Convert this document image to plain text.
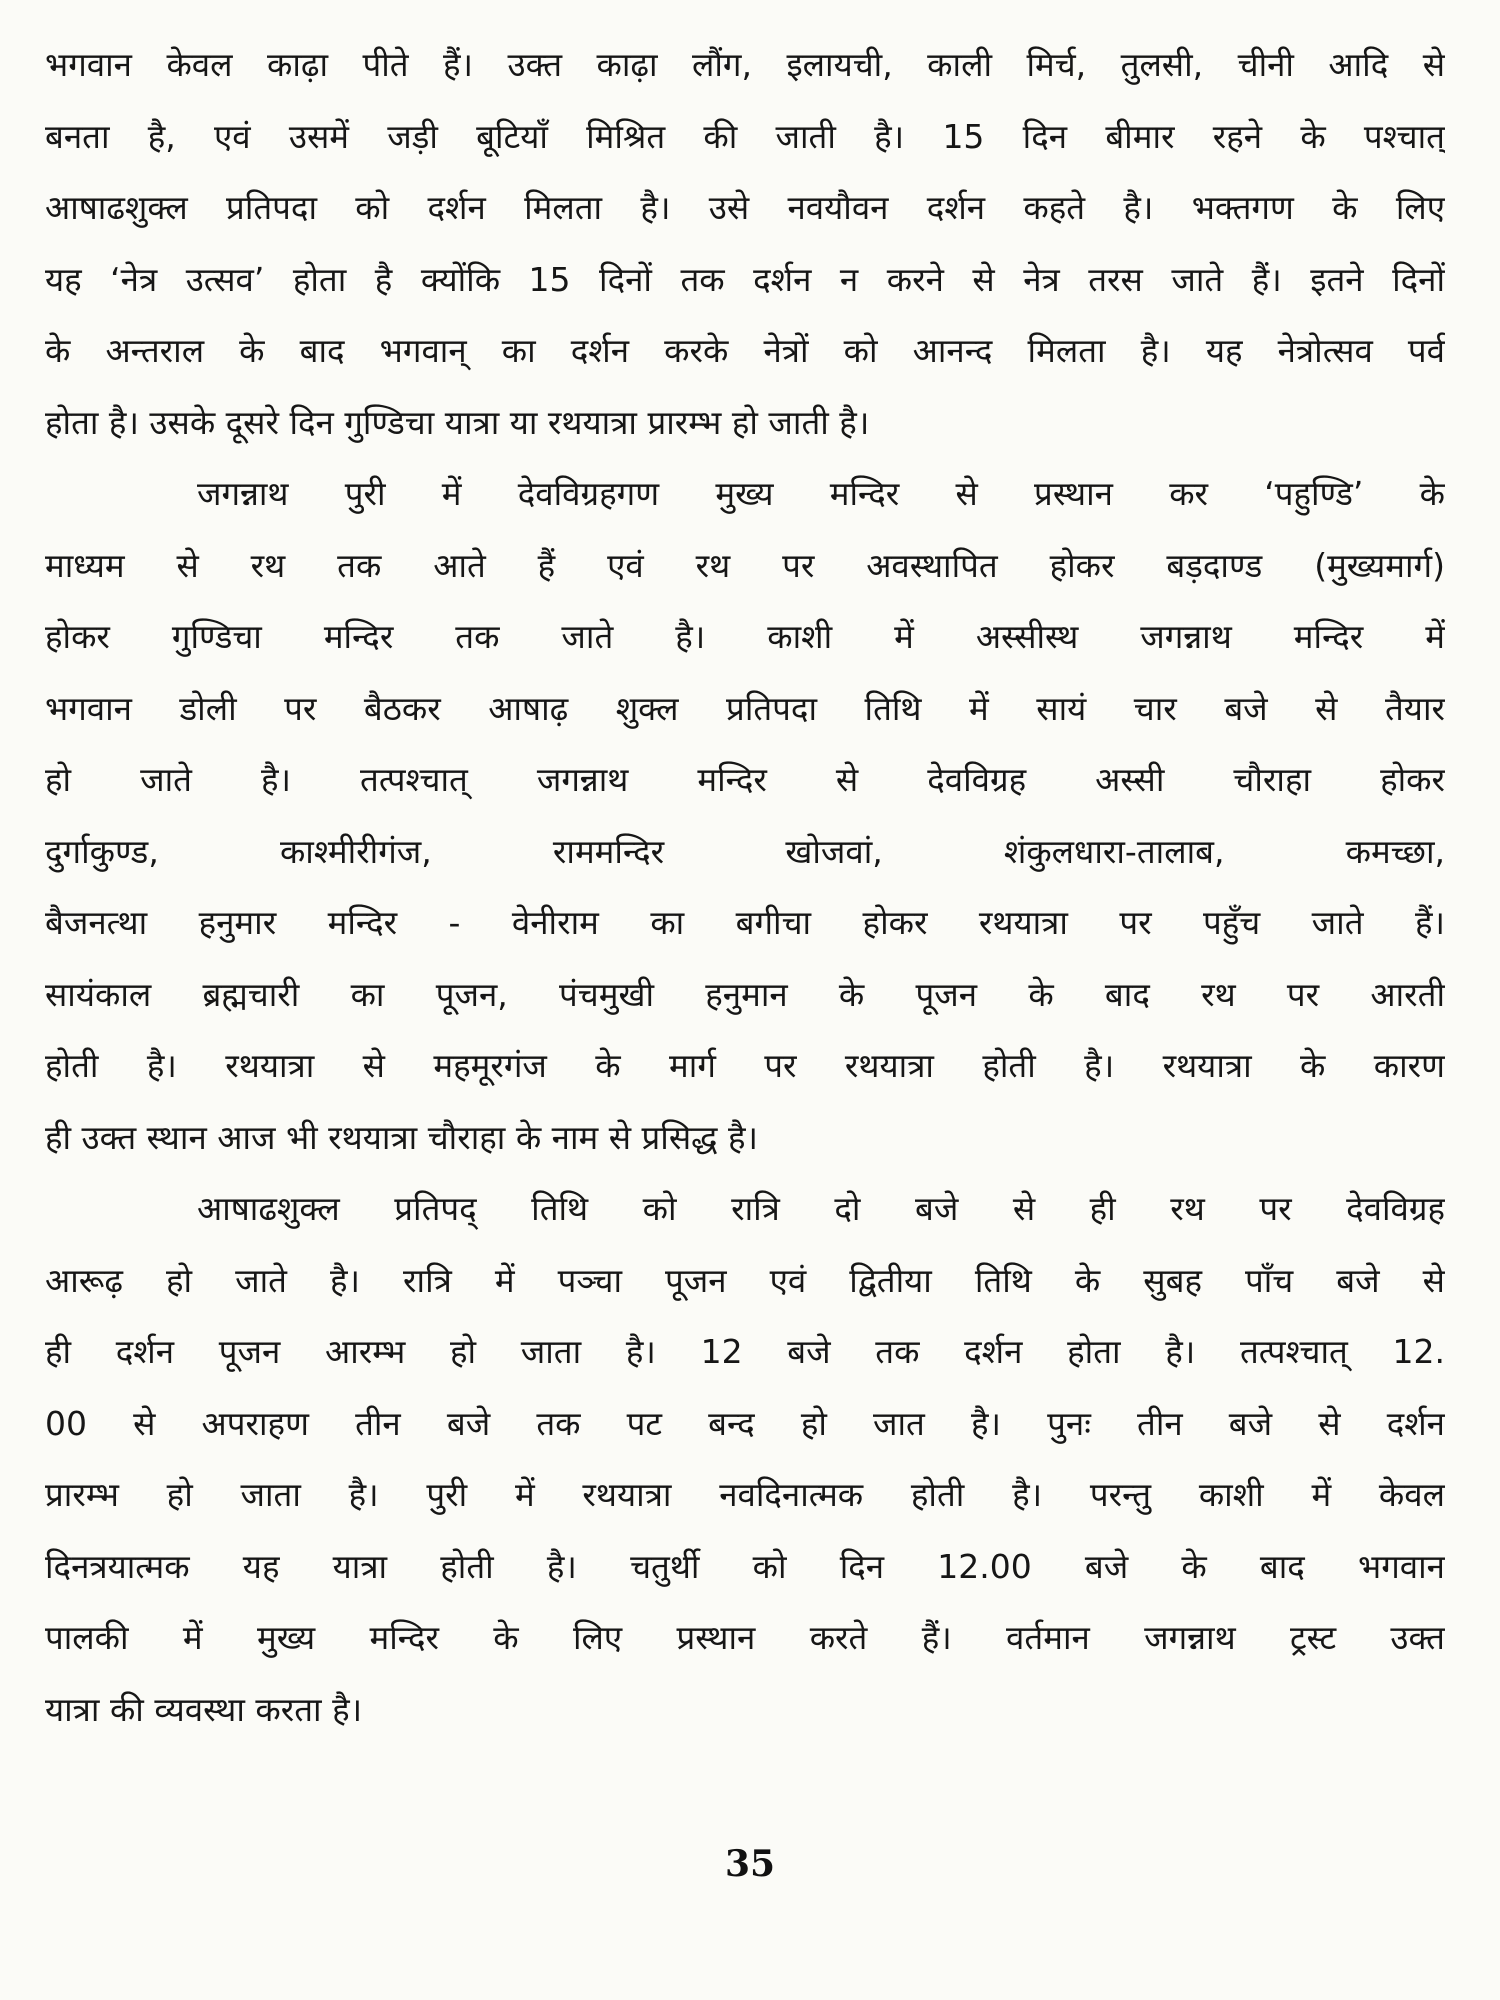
भगवान केवल काढ़ा पीते हैं। उक्त काढ़ा लौंग, इलायची, काली मिर्च, तुलसी, चीनी आदि से
बनता है, एवं उसमें जड़ी बूटियाँ मिश्रित की जाती है। 15 दिन बीमार रहने के पश्चात्
आषाढशुक्ल प्रतिपदा को दर्शन मिलता है। उसे नवयौवन दर्शन कहते है। भक्तगण के लिए
यह ‘नेत्र उत्सव’ होता है क्योंकि 15 दिनों तक दर्शन न करने से नेत्र तरस जाते हैं। इतने दिनों
के अन्तराल के बाद भगवान् का दर्शन करके नेत्रों को आनन्द मिलता है। यह नेत्रोत्सव पर्व
होता है। उसके दूसरे दिन गुण्डिचा यात्रा या रथयात्रा प्रारम्भ हो जाती है।
जगन्नाथ पुरी में देवविग्रहगण मुख्य मन्दिर से प्रस्थान कर ‘पहुण्डि’ के
माध्यम से रथ तक आते हैं एवं रथ पर अवस्थापित होकर बड़दाण्ड (मुख्यमार्ग)
होकर गुण्डिचा मन्दिर तक जाते है। काशी में अस्सीस्थ जगन्नाथ मन्दिर में
भगवान डोली पर बैठकर आषाढ़ शुक्ल प्रतिपदा तिथि में सायं चार बजे से तैयार
हो जाते है। तत्पश्चात् जगन्नाथ मन्दिर से देवविग्रह अस्सी चौराहा होकर
दुर्गाकुण्ड, काश्मीरीगंज, राममन्दिर खोजवां, शंकुलधारा-तालाब, कमच्छा,
बैजनत्था हनुमार मन्दिर - वेनीराम का बगीचा होकर रथयात्रा पर पहुँच जाते हैं।
सायंकाल ब्रह्मचारी का पूजन, पंचमुखी हनुमान के पूजन के बाद रथ पर आरती
होती है। रथयात्रा से महमूरगंज के मार्ग पर रथयात्रा होती है। रथयात्रा के कारण
ही उक्त स्थान आज भी रथयात्रा चौराहा के नाम से प्रसिद्ध है।
आषाढशुक्ल प्रतिपद् तिथि को रात्रि दो बजे से ही रथ पर देवविग्रह
आरूढ़ हो जाते है। रात्रि में पञ्चा पूजन एवं द्वितीया तिथि के सुबह पाँच बजे से
ही दर्शन पूजन आरम्भ हो जाता है। 12 बजे तक दर्शन होता है। तत्पश्चात् 12.
00 से अपराहण तीन बजे तक पट बन्द हो जात है। पुनः तीन बजे से दर्शन
प्रारम्भ हो जाता है। पुरी में रथयात्रा नवदिनात्मक होती है। परन्तु काशी में केवल
दिनत्रयात्मक यह यात्रा होती है। चतुर्थी को दिन 12.00 बजे के बाद भगवान
पालकी में मुख्य मन्दिर के लिए प्रस्थान करते हैं। वर्तमान जगन्नाथ ट्रस्ट उक्त
यात्रा की व्यवस्था करता है।
35
